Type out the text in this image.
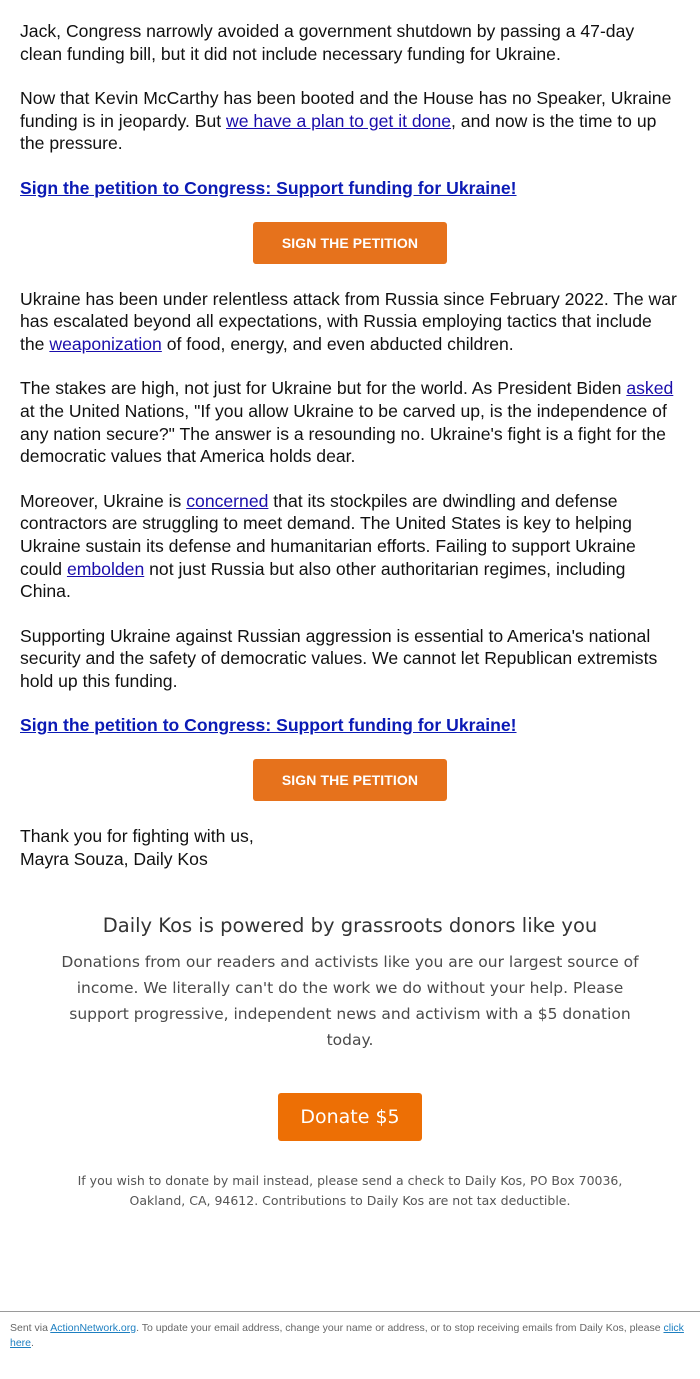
Jack, Congress narrowly avoided a government shutdown by passing a 47-day clean funding bill, but it did not include necessary funding for Ukraine.

Now that Kevin McCarthy has been booted and the House has no Speaker, Ukraine funding is in jeopardy. But we have a plan to get it done, and now is the time to up the pressure.

Sign the petition to Congress: Support funding for Ukraine!

SIGN THE PETITION

Ukraine has been under relentless attack from Russia since February 2022. The war has escalated beyond all expectations, with Russia employing tactics that include the weaponization of food, energy, and even abducted children.

The stakes are high, not just for Ukraine but for the world. As President Biden asked at the United Nations, "If you allow Ukraine to be carved up, is the independence of any nation secure?" The answer is a resounding no. Ukraine's fight is a fight for the democratic values that America holds dear.

Moreover, Ukraine is concerned that its stockpiles are dwindling and defense contractors are struggling to meet demand. The United States is key to helping Ukraine sustain its defense and humanitarian efforts. Failing to support Ukraine could embolden not just Russia but also other authoritarian regimes, including China.

Supporting Ukraine against Russian aggression is essential to America's national security and the safety of democratic values. We cannot let Republican extremists hold up this funding.

Sign the petition to Congress: Support funding for Ukraine!

SIGN THE PETITION

Thank you for fighting with us,
Mayra Souza, Daily Kos

Daily Kos is powered by grassroots donors like you
Donations from our readers and activists like you are our largest source of income. We literally can't do the work we do without your help. Please support progressive, independent news and activism with a $5 donation today.
Donate $5
If you wish to donate by mail instead, please send a check to Daily Kos, PO Box 70036, Oakland, CA, 94612. Contributions to Daily Kos are not tax deductible.
Sent via ActionNetwork.org. To update your email address, change your name or address, or to stop receiving emails from Daily Kos, please click here.
